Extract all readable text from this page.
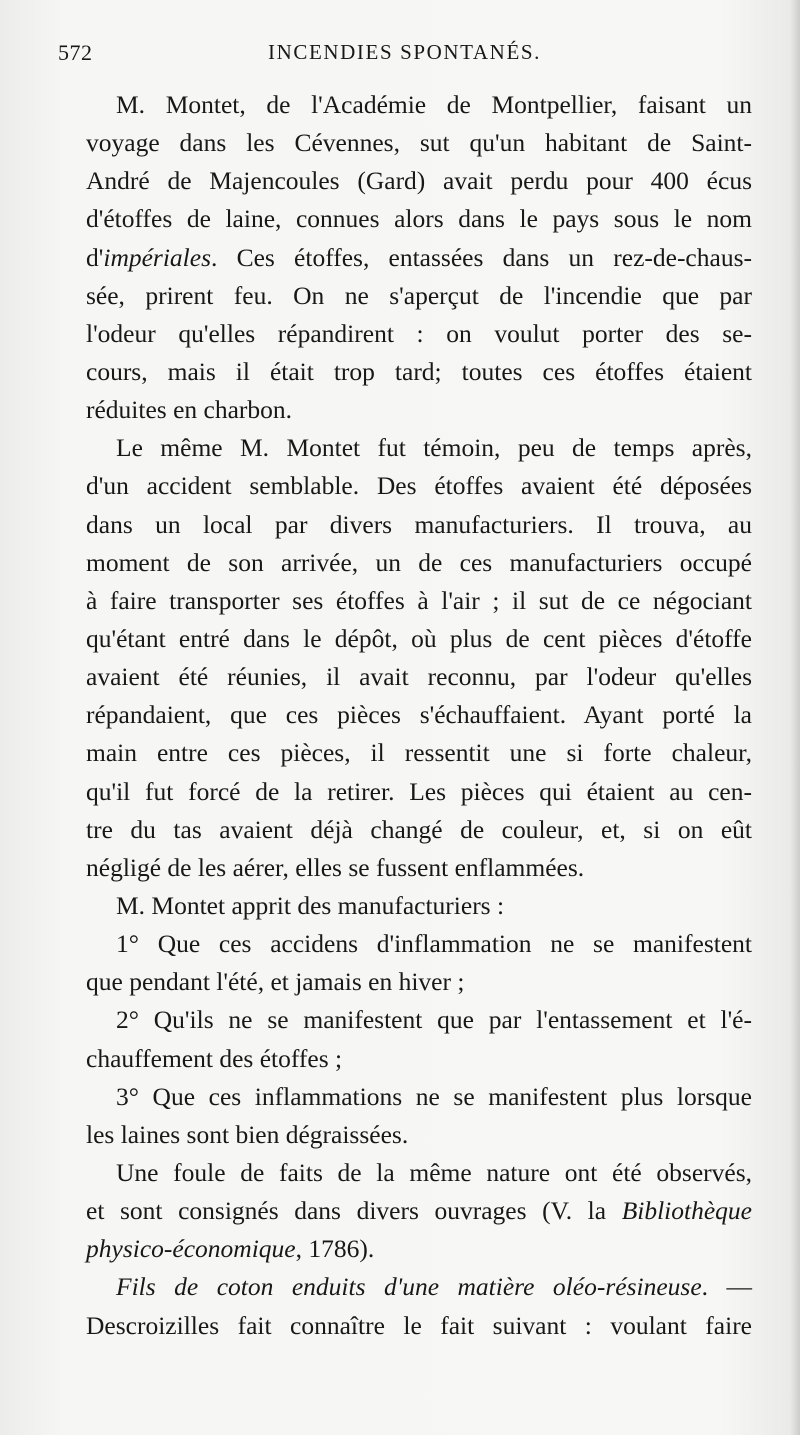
572	INCENDIES SPONTANÉS.

M. Montet, de l'Académie de Montpellier, faisant un
voyage dans les Cévennes, sut qu'un habitant de Saint-
André de Majencoules (Gard) avait perdu pour 400 écus
d'étoffes de laine, connues alors dans le pays sous le nom
d'impériales. Ces étoffes, entassées dans un rez-de-chaus-
sée, prirent feu. On ne s'aperçut de l'incendie que par
l'odeur qu'elles répandirent : on voulut porter des se-
cours, mais il était trop tard; toutes ces étoffes étaient
réduites en charbon.

Le même M. Montet fut témoin, peu de temps après,
d'un accident semblable. Des étoffes avaient été déposées
dans un local par divers manufacturiers. Il trouva, au
moment de son arrivée, un de ces manufacturiers occupé
à faire transporter ses étoffes à l'air ; il sut de ce négociant
qu'étant entré dans le dépôt, où plus de cent pièces d'étoffe
avaient été réunies, il avait reconnu, par l'odeur qu'elles
répandaient, que ces pièces s'échauffaient. Ayant porté la
main entre ces pièces, il ressentit une si forte chaleur,
qu'il fut forcé de la retirer. Les pièces qui étaient au cen-
tre du tas avaient déjà changé de couleur, et, si on eût
négligé de les aérer, elles se fussent enflammées.

M. Montet apprit des manufacturiers :

1° Que ces accidens d'inflammation ne se manifestent
que pendant l'été, et jamais en hiver ;

2° Qu'ils ne se manifestent que par l'entassement et l'é-
chauffement des étoffes ;

3° Que ces inflammations ne se manifestent plus lorsque
les laines sont bien dégraissées.

Une foule de faits de la même nature ont été observés,
et sont consignés dans divers ouvrages (V. la Bibliothèque
physico-économique, 1786).

Fils de coton enduits d'une matière oléo-résineuse. —
Descroizilles fait connaître le fait suivant : voulant faire
